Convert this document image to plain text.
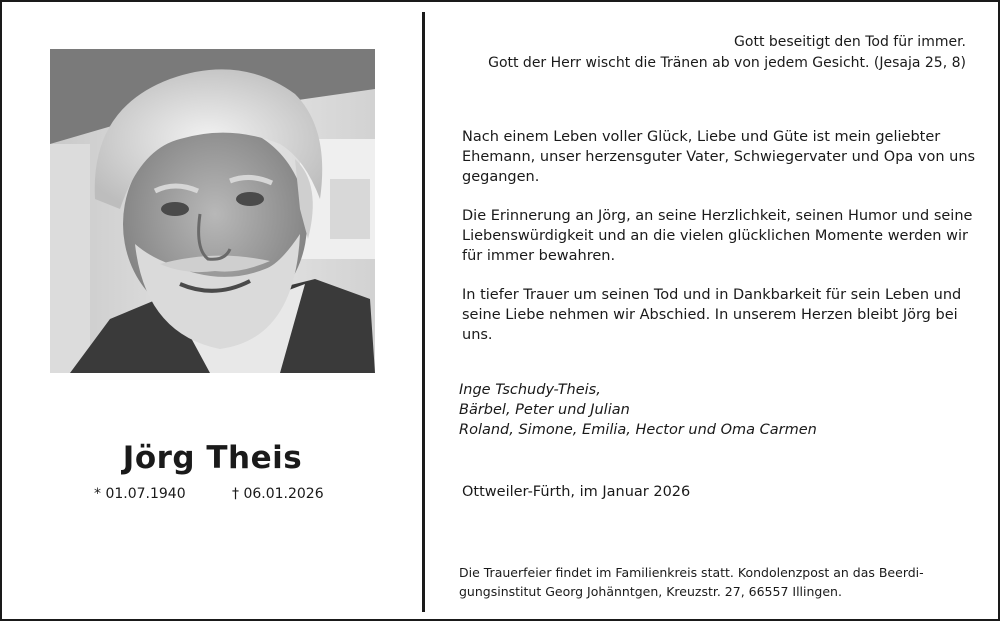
Jörg Theis
* 01.07.1940	† 06.01.2026
Gott beseitigt den Tod für immer.
Gott der Herr wischt die Tränen ab von jedem Gesicht. (Jesaja 25, 8)
Nach einem Leben voller Glück, Liebe und Güte ist mein geliebter
Ehemann, unser herzensguter Vater, Schwiegervater und Opa von uns
gegangen.
Die Erinnerung an Jörg, an seine Herzlichkeit, seinen Humor und seine
Liebenswürdigkeit und an die vielen glücklichen Momente werden wir
für immer bewahren.
In tiefer Trauer um seinen Tod und in Dankbarkeit für sein Leben und
seine Liebe nehmen wir Abschied. In unserem Herzen bleibt Jörg bei
uns.
Inge Tschudy-Theis,
Bärbel, Peter und Julian
Roland, Simone, Emilia, Hector und Oma Carmen
Ottweiler-Fürth, im Januar 2026
Die Trauerfeier findet im Familienkreis statt. Kondolenzpost an das Beerdi-
gungsinstitut Georg Johänntgen, Kreuzstr. 27, 66557 Illingen.
